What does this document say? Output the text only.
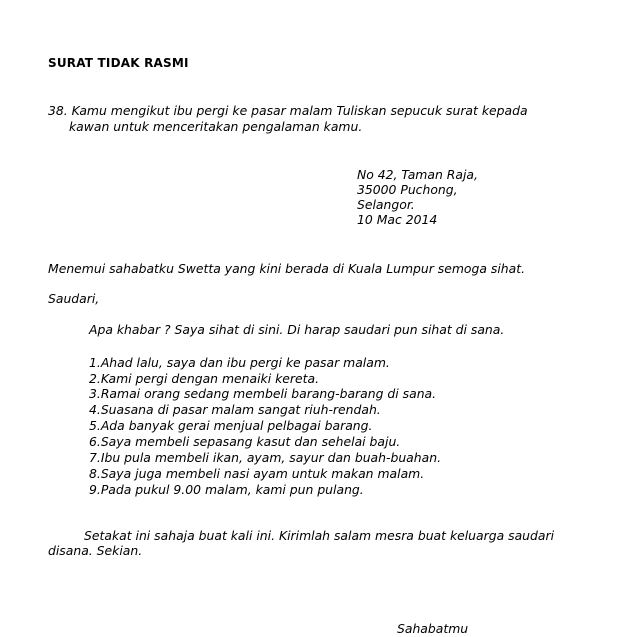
SURAT TIDAK RASMI
38. Kamu mengikut ibu pergi ke pasar malam Tuliskan sepucuk surat kepada
kawan untuk menceritakan pengalaman kamu.
No 42, Taman Raja,
35000 Puchong,
Selangor.
10 Mac 2014
Menemui sahabatku Swetta yang kini berada di Kuala Lumpur semoga sihat.
Saudari,
Apa khabar ? Saya sihat di sini. Di harap saudari pun sihat di sana.
1.Ahad lalu, saya dan ibu pergi ke pasar malam.
2.Kami pergi dengan menaiki kereta.
3.Ramai orang sedang membeli barang-barang di sana.
4.Suasana di pasar malam sangat riuh-rendah.
5.Ada banyak gerai menjual pelbagai barang.
6.Saya membeli sepasang kasut dan sehelai baju.
7.Ibu pula membeli ikan, ayam, sayur dan buah-buahan.
8.Saya juga membeli nasi ayam untuk makan malam.
9.Pada pukul 9.00 malam, kami pun pulang.
Setakat ini sahaja buat kali ini. Kirimlah salam mesra buat keluarga saudari
disana. Sekian.
Sahabatmu
